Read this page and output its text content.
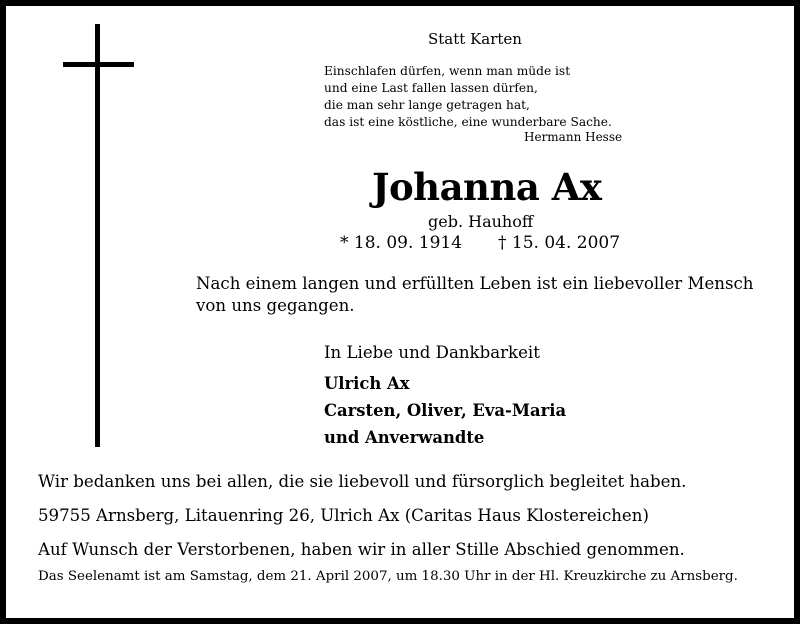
Statt Karten
Einschlafen dürfen, wenn man müde ist
und eine Last fallen lassen dürfen,
die man sehr lange getragen hat,
das ist eine köstliche, eine wunderbare Sache.
Hermann Hesse
Johanna Ax
geb. Hauhoff
* 18. 09. 1914 † 15. 04. 2007
Nach einem langen und erfüllten Leben ist ein liebevoller Mensch von uns gegangen.
In Liebe und Dankbarkeit
Ulrich Ax
Carsten, Oliver, Eva-Maria
und Anverwandte
Wir bedanken uns bei allen, die sie liebevoll und fürsorglich begleitet haben.
59755 Arnsberg, Litauenring 26, Ulrich Ax (Caritas Haus Klostereichen)
Auf Wunsch der Verstorbenen, haben wir in aller Stille Abschied genommen.
Das Seelenamt ist am Samstag, dem 21. April 2007, um 18.30 Uhr in der Hl. Kreuzkirche zu Arnsberg.
